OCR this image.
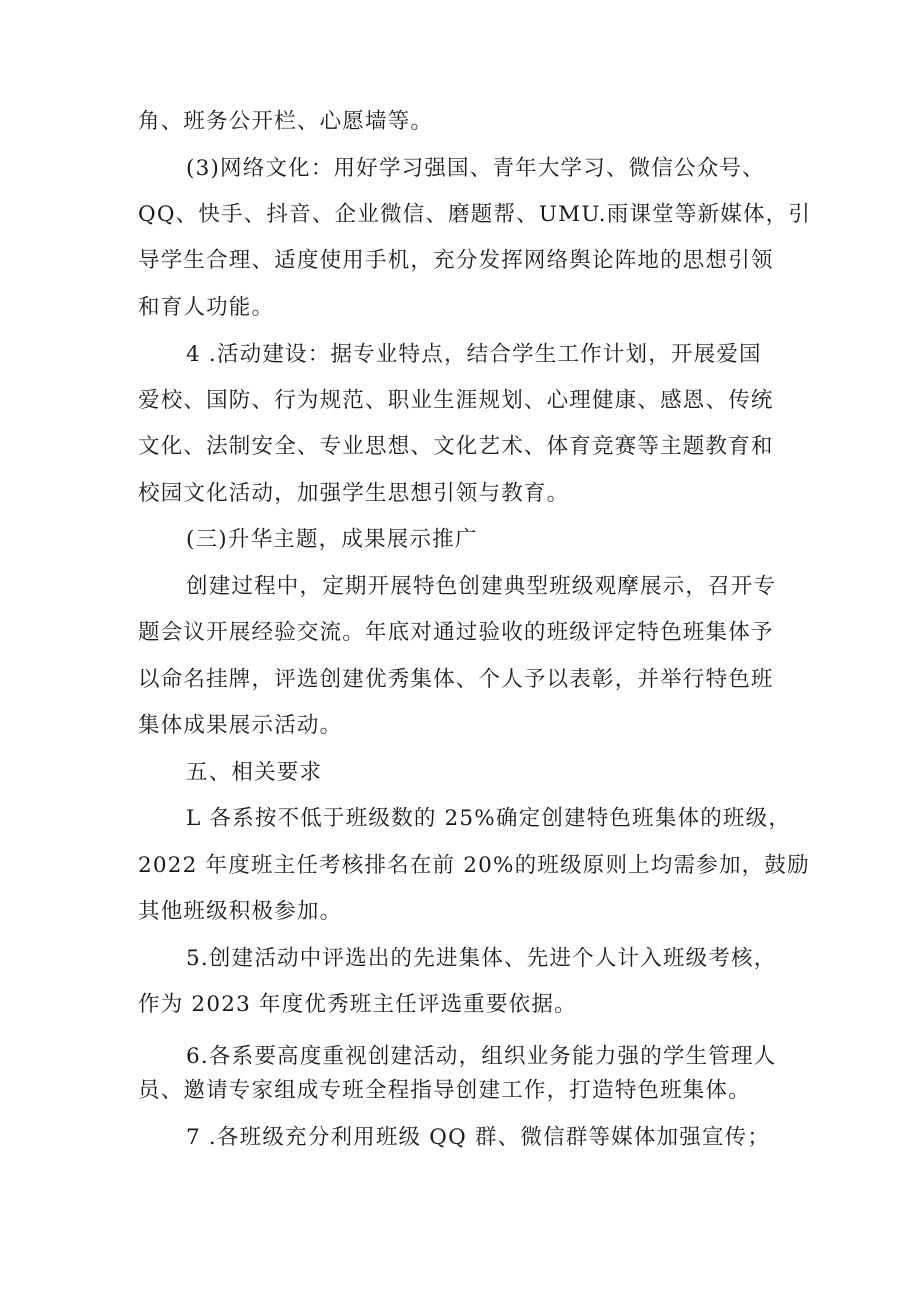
角、班务公开栏、心愿墙等。
(3)网络文化：用好学习强国、青年大学习、微信公众号、
QQ、快手、抖音、企业微信、磨题帮、UMU.雨课堂等新媒体，引
导学生合理、适度使用手机，充分发挥网络舆论阵地的思想引领
和育人功能。
4 .活动建设：据专业特点，结合学生工作计划，开展爱国
爱校、国防、行为规范、职业生涯规划、心理健康、感恩、传统
文化、法制安全、专业思想、文化艺术、体育竞赛等主题教育和
校园文化活动，加强学生思想引领与教育。
(三)升华主题，成果展示推广
创建过程中，定期开展特色创建典型班级观摩展示，召开专
题会议开展经验交流。年底对通过验收的班级评定特色班集体予
以命名挂牌，评选创建优秀集体、个人予以表彰，并举行特色班
集体成果展示活动。
五、相关要求
L 各系按不低于班级数的 25%确定创建特色班集体的班级，
2022 年度班主任考核排名在前 20%的班级原则上均需参加，鼓励
其他班级积极参加。
5.创建活动中评选出的先进集体、先进个人计入班级考核，
作为 2023 年度优秀班主任评选重要依据。
6.各系要高度重视创建活动，组织业务能力强的学生管理人
员、邀请专家组成专班全程指导创建工作，打造特色班集体。
7 .各班级充分利用班级 QQ 群、微信群等媒体加强宣传；
